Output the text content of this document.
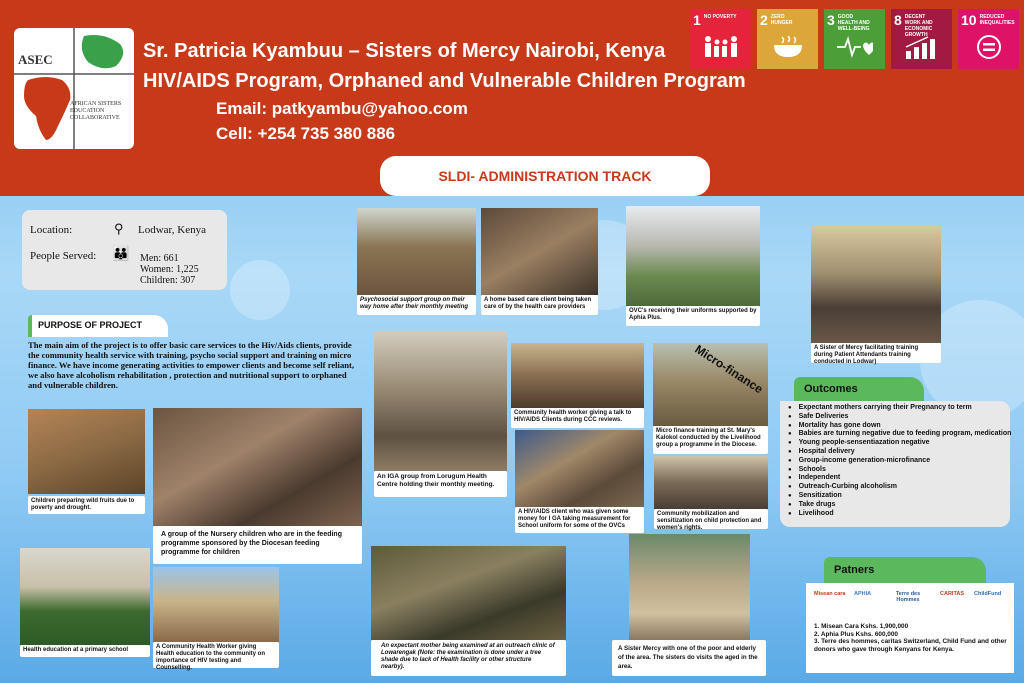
ASEC
AFRICAN SISTERS EDUCATION COLLABORATIVE
Sr. Patricia Kyambuu – Sisters of Mercy Nairobi, Kenya
HIV/AIDS Program, Orphaned and Vulnerable Children Program
Email: patkyambu@yahoo.com
Cell: +254 735 380 886
1 NO POVERTY	2 ZERO HUNGER	3 GOOD HEALTH AND WELL-BEING
8 DECENT WORK AND ECONOMIC GROWTH
10 REDUCED INEQUALITIES
SLDI- ADMINISTRATION TRACK
Location:	⚲ Lodwar, Kenya
People Served: 👪 Men: 661
Women: 1,225
Children: 307
PURPOSE OF PROJECT
The main aim of the project is to offer basic care services to the Hiv/Aids clients, provide the community health service with training, psycho social support and training on micro finance. We have income generating activities to empower clients and become self reliant, we also have alcoholism rehabilitation , protection and nutritional support to orphaned and vulnerable children.
Children preparing wild fruits due to poverty and drought.
A group of the Nursery children who are in the feeding programme sponsored by the Diocesan feeding programme for children
Health education at a primary school	A Community Health Worker giving Health education to the community on importance of HIV testing and Counselling.
Psychosocial support group on their way home after their monthly meeting
A home based care client being taken care of by the health care providers
OVC's receiving their uniforms supported by Aphia Plus.
A Sister of Mercy facilitating training during Patient Attendants training conducted in Lodwar)
An IGA group from Lorugum Health Centre holding their monthly meeting.
Community health worker giving a talk to HIV/AIDS Clients during CCC reviews.
Micro finance training at St. Mary's Kalokol conducted by the Livelihood group a programme in the Diocese.
A HIV/AIDS client who was given some money for I GA taking measurement for School uniform for some of the OVCs
Community mobilization and sensitization on child protection and women's rights.
An expectant mother being examined at an outreach clinic of Lowarengak (Note: the examination is done under a tree shade due to lack of Health facility or other structure nearby).
A Sister Mercy with one of the poor and elderly of the area. The sisters do visits the aged in the area.
Micro-finance	Outcomes
● Expectant mothers carrying their Pregnancy to term
● Safe Deliveries
● Mortality has gone down
● Babies are turning negative due to feeding program, medication
● Young people-sensentiazation negative
● Hospital delivery
● Group-income generation-microfinance
● Schools
● Independent
● Outreach-Curbing alcoholism
● Sensitization
● Take drugs
● Livelihood
Patners
Misean cara APHIA	Terre des Hommes
CARITAS ChildFund
1. Misean Cara Kshs. 1,900,000
2. Aphia Plus Kshs. 600,000
3. Terre des hommes, caritas Switzerland, Child Fund and other donors who gave through Kenyans for Kenya.
